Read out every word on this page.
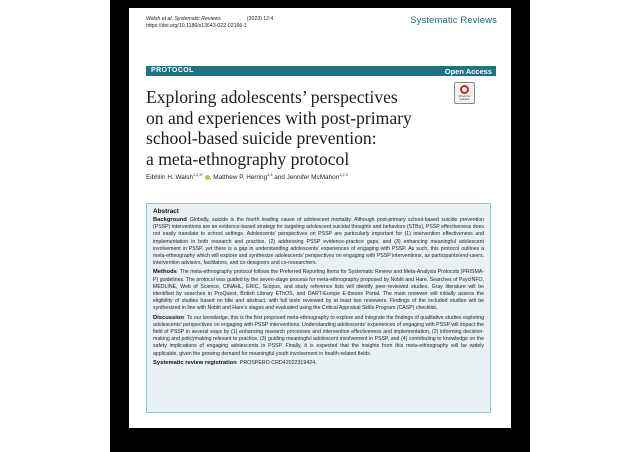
Walsh et al. Systematic Reviews	(2023) 12:4
https://doi.org/10.1186/s13643-022-02166-1	Systematic Reviews
PROTOCOL	Open Access
Check for updates
Exploring adolescents’ perspectives
on and experiences with post-primary
school-based suicide prevention:
a meta-ethnography protocol
Eibhlín H. Walsh$^{1,2,3*}$ , Matthew P. Herring$^{4,5}$ and Jennifer McMahon$^{1,2,3}$
Abstract
Background Globally, suicide is the fourth leading cause of adolescent mortality. Although post-primary school-based suicide prevention (PSSP) interventions are an evidence-based strategy for targeting adolescent suicidal thoughts and behaviors (STBs), PSSP effectiveness does not easily translate to school settings. Adolescents’ perspectives on PSSP are particularly important for (1) intervention effectiveness and implementation in both research and practice, (2) addressing PSSP evidence-practice gaps, and (3) enhancing meaningful adolescent involvement in PSSP, yet there is a gap in understanding adolescents’ experiences of engaging with PSSP. As such, this protocol outlines a meta-ethnography which will explore and synthesize adolescents’ perspectives on engaging with PSSP interventions, as participants/end-users, intervention advisors, facilitators, and co-designers and co-researchers.
Methods The meta-ethnography protocol follows the Preferred Reporting Items for Systematic Review and Meta-Analysis Protocols (PRISMA-P) guidelines. The protocol was guided by the seven-stage process for meta-ethnography proposed by Noblit and Hare. Searches of PsycINFO, MEDLINE, Web of Science, CINAHL, ERIC, Scopus, and study reference lists will identify peer-reviewed studies. Gray literature will be identified by searches in ProQuest, British Library EThOS, and DART-Europe E-theses Portal. The main reviewer will initially assess the eligibility of studies based on title and abstract, with full texts reviewed by at least two reviewers. Findings of the included studies will be synthesized in line with Noblit and Hare’s stages and evaluated using the Critical Appraisal Skills Program (CASP) checklist.
Discussion To our knowledge, this is the first proposed meta-ethnography to explore and integrate the findings of qualitative studies exploring adolescents’ perspectives on engaging with PSSP interventions. Understanding adolescents’ experiences of engaging with PSSP will impact the field of PSSP in several ways by (1) enhancing research processes and intervention effectiveness and implementation, (2) informing decision-making and policymaking relevant to practice, (3) guiding meaningful adolescent involvement in PSSP, and (4) contributing to knowledge on the safety implications of engaging adolescents in PSSP. Finally, it is expected that the insights from this meta-ethnography will be widely applicable, given the growing demand for meaningful youth involvement in health-related fields.
Systematic review registration PROSPERO CRD42022319424.
